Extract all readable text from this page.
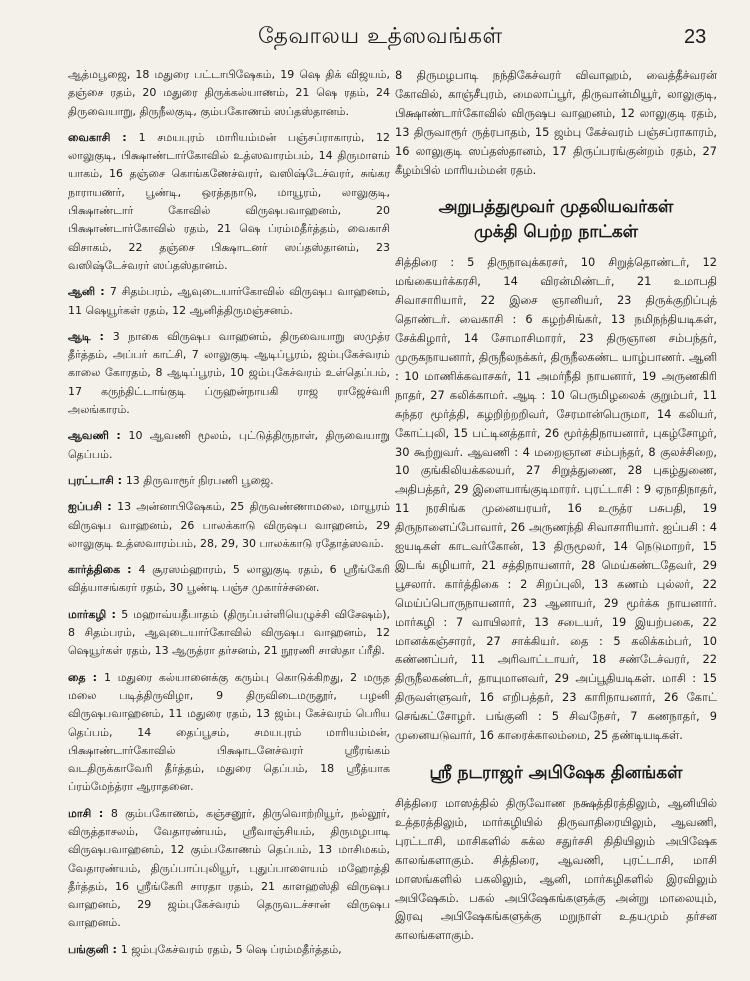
தேவாலய உத்ஸவங்கள்	23

ஆத்மபூஜை, 18 மதுரை பட்டாபிஷேகம், 19 ஷெ திக் விஜயம், தஞ்சை ரதம், 20 மதுரை திருக்கல்யாணம், 21 ஷெ ரதம், 24 திருவையாறு, திருநீலகுடி, கும்பகோணம் ஸப்தஸ்தானம்.

வைகாசி : 1 சமயபுரம் மாரியம்மன் பஞ்சப்ராகாரம், 12 லாலுகுடி, பிக்ஷாண்டார்கோவில் உத்ஸவாரம்பம், 14 திருமாளம் யாகம், 16 தஞ்சை கொங்கணேச்வரர், வஸிஷ்டேச்வரர், சுங்கர நாராயணர், பூண்டி, ஒரத்தநாடு, மாயூரம், லாலுகுடி, பிக்ஷாண்டார் கோவில் விருஷபவாஹனம், 20 பிக்ஷாண்டார்கோவில் ரதம், 21 ஷெ ப்ரம்மதீர்த்தம், வைகாசி விசாகம், 22 தஞ்சை பிக்ஷாடனர் ஸப்தஸ்தானம், 23 வஸிஷ்டேச்வரர் ஸப்தஸ்தானம்.

ஆனி : 7 சிதம்பரம், ஆவுடையார்கோவில் விருஷப வாஹனம், 11 ஷெயூர்கள் ரதம், 12 ஆனித்திருமஞ்சனம்.

ஆடி : 3 நாகை விருஷப வாஹனம், திருவையாறு ஸமுத்ர தீர்த்தம், அப்பர் காட்சி, 7 லாலுகுடி ஆடிப்பூரம், ஜம்புகேச்வரம் காலை கோரதம், 8 ஆடிப்பூரம், 10 ஜம்புகேச்வரம் உள்தெப்பம், 17 கருந்திட்டாங்குடி ப்ருஹன்நாயகி ராஜ ராஜேச்வரி அலங்காரம்.

ஆவணி : 10 ஆவணி மூலம், புட்டுத்திருநாள், திருவையாறு தெப்பம்.

புரட்டாசி : 13 திருவாரூர் நிரபணி பூஜை.

ஐப்பசி : 13 அன்னாபிஷேகம், 25 திருவண்ணாமலை, மாயூரம் விருஷப வாஹனம், 26 பாலக்காடு விருஷப வாஹனம், 29 லாலுகுடி உத்ஸவாரம்பம், 28, 29, 30 பாலக்காடு ரதோத்ஸவம்.

கார்த்திகை : 4 சூரஸம்ஹாரம், 5 லாலுகுடி ரதம், 6 ஸ்ரீங்கேரி வித்யாசங்கரர் ரதம், 30 பூண்டி பஞ்ச முகார்ச்சனை.

மார்கழி : 5 மஹாவ்யதீபாதம் (திருப்பள்ளியெழுச்சி விசேஷம்), 8 சிதம்பரம், ஆவுடையார்கோவில் விருஷப வாஹனம், 12 ஷெயூர்கள் ரதம், 13 ஆருத்ரா தர்சனம், 21 நூரணி சாஸ்தா ப்ரீதி.

தை : 1 மதுரை கல்யானைக்கு கரும்பு கொடுக்கிறது, 2 மருத மலை படித்திருவிழா, 9 திருவிடைமருதூர், பழனி விருஷபவாஹனம், 11 மதுரை ரதம், 13 ஜம்பு கேச்வரம் பெரிய தெப்பம், 14 தைப்பூசம், சமயபுரம் மாரியம்மன், பிக்ஷாண்டார்கோவில் பிக்ஷாடனேச்வரர் ஸ்ரீரங்கம் வடதிருக்காவேரி தீர்த்தம், மதுரை தெப்பம், 18 ஸ்ரீத்யாக ப்ரம்மேந்த்ரா ஆராதனை.

மாசி : 8 கும்பகோணம், கஞ்சனூர், திருவொற்றியூர், நல்லூர், விருத்தாசலம், வேதாரண்யம், ஸ்ரீவாஞ்சியம், திருமழபாடி விருஷபவாஹனம், 12 கும்பகோணம் தெப்பம், 13 மாசிமகம், வேதாரண்யம், திருப்பாப்புலியூர், புதுப்பாளையம் மஹோத்தி தீர்த்தம், 16 ஸ்ரீங்கேரி சாரதா ரதம், 21 காளஹஸ்தி விருஷப வாஹனம், 29 ஜம்புகேச்வரம் தெருவடச்சான் விருஷப வாஹனம்.

பங்குனி : 1 ஜம்புகேச்வரம் ரதம், 5 ஷெ ப்ரம்மதீர்த்தம்,

8 திருமழபாடி நந்திகேச்வரர் விவாஹம், வைத்தீச்வரன் கோவில், காஞ்சீபுரம், மைலாப்பூர், திருவான்மியூர், லாலுகுடி, பிக்ஷாண்டார்கோவில் விருஷப வாஹனம், 12 லாலுகுடி ரதம், 13 திருவாரூர் ருத்ரபாதம், 15 ஜம்பு கேச்வரம் பஞ்சப்ராகாரம், 16 லாலுகுடி ஸப்தஸ்தானம், 17 திருப்பரங்குன்றம் ரதம், 27 கீழம்பில் மாரியம்மன் ரதம்.

அறுபத்துமூவர் முதலியவர்கள்
முக்தி பெற்ற நாட்கள்

சித்திரை : 5 திருநாவுக்கரசர், 10 சிறுத்தொண்டர், 12 மங்கையர்க்கரசி, 14 விரன்மிண்டர், 21 உமாபதி சிவாசாரியார், 22 இசை ஞானியர், 23 திருக்குறிப்புத் தொண்டர். வைகாசி : 6 கழற்சிங்கர், 13 நமிநந்தியடிகள், சேக்கிழார், 14 சோமாசிமாரர், 23 திருஞான சம்பந்தர், முருகநாயனார், திருநீலநக்கர், திருநீலகண்ட யாழ்பாணர். ஆனி : 10 மாணிக்கவாசகர், 11 அமர்நீதி நாயனார், 19 அருணகிரி நாதர், 27 கலிக்காமர். ஆடி : 10 பெருமிழலைக் குறும்பர், 11 சுந்தர மூர்த்தி, கழறிற்றறிவர், சேரமான்பெருமா, 14 கலியர், கோட்புலி, 15 பட்டினத்தார், 26 மூர்த்திநாயனார், புகழ்சோழர், 30 கூற்றுவர். ஆவணி : 4 மறைஞான சம்பந்தர், 8 குலச்சிறை, 10 குங்கிலியக்கலயர், 27 சிறுத்துணை, 28 புகழ்துணை, அதிபத்தர், 29 இளையாங்குடிமாரர். புரட்டாசி : 9 ஏநாதிநாதர், 11 நரசிங்க முனையரயர், 16 உருத்ர பசுபதி, 19 திருநாளைப்போவார், 26 அருணந்தி சிவாசாரியார். ஐப்பசி : 4 ஐயடிகள் காடவர்கோன், 13 திருமூலர், 14 நெடுமாறர், 15 இடங் கழியார், 21 சத்திநாயனார், 28 மெய்கண்டதேவர், 29 பூசலார். கார்த்திகை : 2 சிறப்புலி, 13 கணம் புல்லர், 22 மெய்ப்பொருநாயனார், 23 ஆனாயர், 29 மூர்க்க நாயனார். மார்கழி : 7 வாயிலார், 13 சடையர், 19 இயற்பகை, 22 மானக்கஞ்சாரர், 27 சாக்கியர். தை : 5 கலிக்கம்பர், 10 கண்ணப்பர், 11 அரிவாட்டாயர், 18 சண்டேச்வரர், 22 திருநீலகண்டர், தாயுமானவர், 29 அப்பூதியடிகள். மாசி : 15 திருவள்ளுவர், 16 எறிபத்தர், 23 காரிநாயனார், 26 கோட் செங்கட்சோழர். பங்குனி : 5 சிவநேசர், 7 கணநாதர், 9 முனையடுவார், 16 காரைக்காலம்மை, 25 தண்டியடிகள்.

ஸ்ரீ நடராஜர் அபிஷேக தினங்கள்

சித்திரை மாஸத்தில் திருவோண நக்ஷத்திரத்திலும், ஆனியில் உத்தரத்திலும், மார்கழியில் திருவாதிரையிலும், ஆவணி, புரட்டாசி, மாசிகளில் சுக்ல சதுர்சசி திதியிலும் அபிஷேக காலங்களாகும். சித்திரை, ஆவணி, புரட்டாசி, மாசி மாஸங்களில் பகலிலும், ஆனி, மார்கழிகளில் இரவிலும் அபிஷேகம். பகல் அபிஷேகங்களுக்கு அன்று மாலையும், இரவு அபிஷேகங்களுக்கு மறுநாள் உதயமும் தர்சன காலங்களாகும்.
